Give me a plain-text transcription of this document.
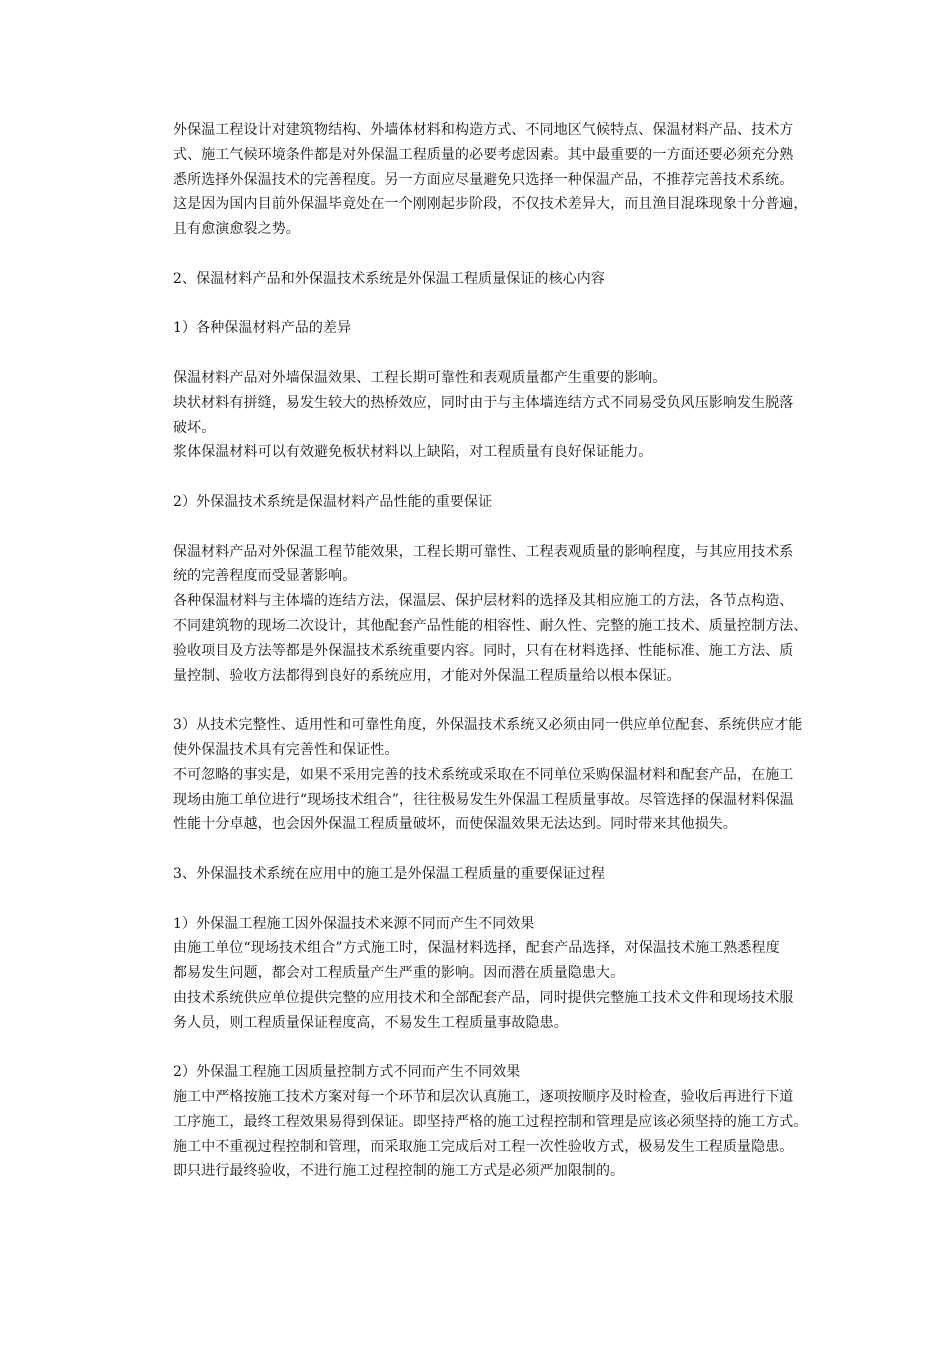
外保温工程设计对建筑物结构、外墙体材料和构造方式、不同地区气候特点、保温材料产品、技术方
式、施工气候环境条件都是对外保温工程质量的必要考虑因素。其中最重要的一方面还要必须充分熟
悉所选择外保温技术的完善程度。另一方面应尽量避免只选择一种保温产品，不推荐完善技术系统。
这是因为国内目前外保温毕竟处在一个刚刚起步阶段，不仅技术差异大，而且渔目混珠现象十分普遍，
且有愈演愈裂之势。
2、保温材料产品和外保温技术系统是外保温工程质量保证的核心内容
1）各种保温材料产品的差异
保温材料产品对外墙保温效果、工程长期可靠性和表观质量都产生重要的影响。
块状材料有拼缝，易发生较大的热桥效应，同时由于与主体墙连结方式不同易受负风压影响发生脱落
破坏。
浆体保温材料可以有效避免板状材料以上缺陷，对工程质量有良好保证能力。
2）外保温技术系统是保温材料产品性能的重要保证
保温材料产品对外保温工程节能效果，工程长期可靠性、工程表观质量的影响程度，与其应用技术系
统的完善程度而受显著影响。
各种保温材料与主体墙的连结方法，保温层、保护层材料的选择及其相应施工的方法，各节点构造、
不同建筑物的现场二次设计，其他配套产品性能的相容性、耐久性、完整的施工技术、质量控制方法、
验收项目及方法等都是外保温技术系统重要内容。同时，只有在材料选择、性能标准、施工方法、质
量控制、验收方法都得到良好的系统应用，才能对外保温工程质量给以根本保证。
3）从技术完整性、适用性和可靠性角度，外保温技术系统又必须由同一供应单位配套、系统供应才能
使外保温技术具有完善性和保证性。
不可忽略的事实是，如果不采用完善的技术系统或采取在不同单位采购保温材料和配套产品，在施工
现场由施工单位进行“现场技术组合”，往往极易发生外保温工程质量事故。尽管选择的保温材料保温
性能十分卓越，也会因外保温工程质量破坏，而使保温效果无法达到。同时带来其他损失。
3、外保温技术系统在应用中的施工是外保温工程质量的重要保证过程
1）外保温工程施工因外保温技术来源不同而产生不同效果
由施工单位“现场技术组合”方式施工时，保温材料选择，配套产品选择，对保温技术施工熟悉程度
都易发生问题，都会对工程质量产生严重的影响。因而潜在质量隐患大。
由技术系统供应单位提供完整的应用技术和全部配套产品，同时提供完整施工技术文件和现场技术服
务人员，则工程质量保证程度高，不易发生工程质量事故隐患。
2）外保温工程施工因质量控制方式不同而产生不同效果
施工中严格按施工技术方案对每一个环节和层次认真施工，逐项按顺序及时检查，验收后再进行下道
工序施工，最终工程效果易得到保证。即坚持严格的施工过程控制和管理是应该必须坚持的施工方式。
施工中不重视过程控制和管理，而采取施工完成后对工程一次性验收方式，极易发生工程质量隐患。
即只进行最终验收，不进行施工过程控制的施工方式是必须严加限制的。
